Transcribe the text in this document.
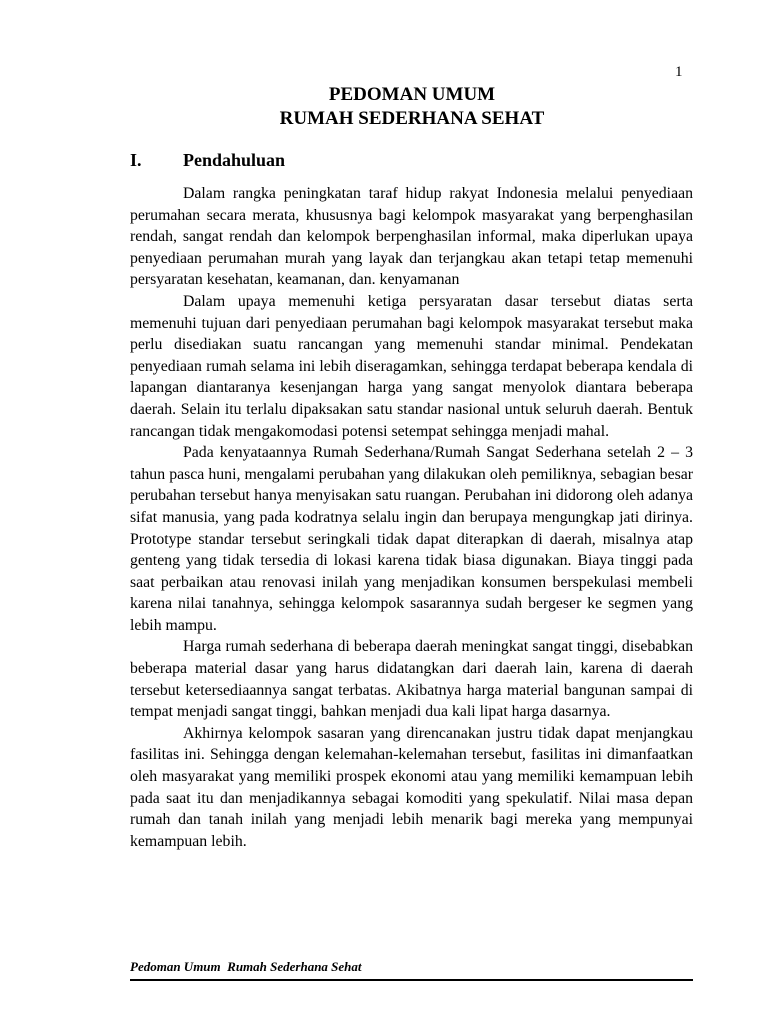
1
PEDOMAN UMUM
RUMAH SEDERHANA SEHAT
I. Pendahuluan

Dalam rangka peningkatan taraf hidup rakyat Indonesia melalui penyediaan perumahan secara merata, khususnya bagi kelompok masyarakat yang berpenghasilan rendah, sangat rendah dan kelompok berpenghasilan informal, maka diperlukan upaya penyediaan perumahan murah yang layak dan terjangkau akan tetapi tetap memenuhi persyaratan kesehatan, keamanan, dan. kenyamanan

Dalam upaya memenuhi ketiga persyaratan dasar tersebut diatas serta memenuhi tujuan dari penyediaan perumahan bagi kelompok masyarakat tersebut maka perlu disediakan suatu rancangan yang memenuhi standar minimal. Pendekatan penyediaan rumah selama ini lebih diseragamkan, sehingga terdapat beberapa kendala di lapangan diantaranya kesenjangan harga yang sangat menyolok diantara beberapa daerah. Selain itu terlalu dipaksakan satu standar nasional untuk seluruh daerah. Bentuk rancangan tidak mengakomodasi potensi setempat sehingga menjadi mahal.

Pada kenyataannya Rumah Sederhana/Rumah Sangat Sederhana setelah 2 – 3 tahun pasca huni, mengalami perubahan yang dilakukan oleh pemiliknya, sebagian besar perubahan tersebut hanya menyisakan satu ruangan. Perubahan ini didorong oleh adanya sifat manusia, yang pada kodratnya selalu ingin dan berupaya mengungkap jati dirinya. Prototype standar tersebut seringkali tidak dapat diterapkan di daerah, misalnya atap genteng yang tidak tersedia di lokasi karena tidak biasa digunakan. Biaya tinggi pada saat perbaikan atau renovasi inilah yang menjadikan konsumen berspekulasi membeli karena nilai tanahnya, sehingga kelompok sasarannya sudah bergeser ke segmen yang lebih mampu.

Harga rumah sederhana di beberapa daerah meningkat sangat tinggi, disebabkan beberapa material dasar yang harus didatangkan dari daerah lain, karena di daerah tersebut ketersediaannya sangat terbatas. Akibatnya harga material bangunan sampai di tempat menjadi sangat tinggi, bahkan menjadi dua kali lipat harga dasarnya.

Akhirnya kelompok sasaran yang direncanakan justru tidak dapat menjangkau fasilitas ini. Sehingga dengan kelemahan-kelemahan tersebut, fasilitas ini dimanfaatkan oleh masyarakat yang memiliki prospek ekonomi atau yang memiliki kemampuan lebih pada saat itu dan menjadikannya sebagai komoditi yang spekulatif. Nilai masa depan rumah dan tanah inilah yang menjadi lebih menarik bagi mereka yang mempunyai kemampuan lebih.

Pedoman Umum  Rumah Sederhana Sehat
